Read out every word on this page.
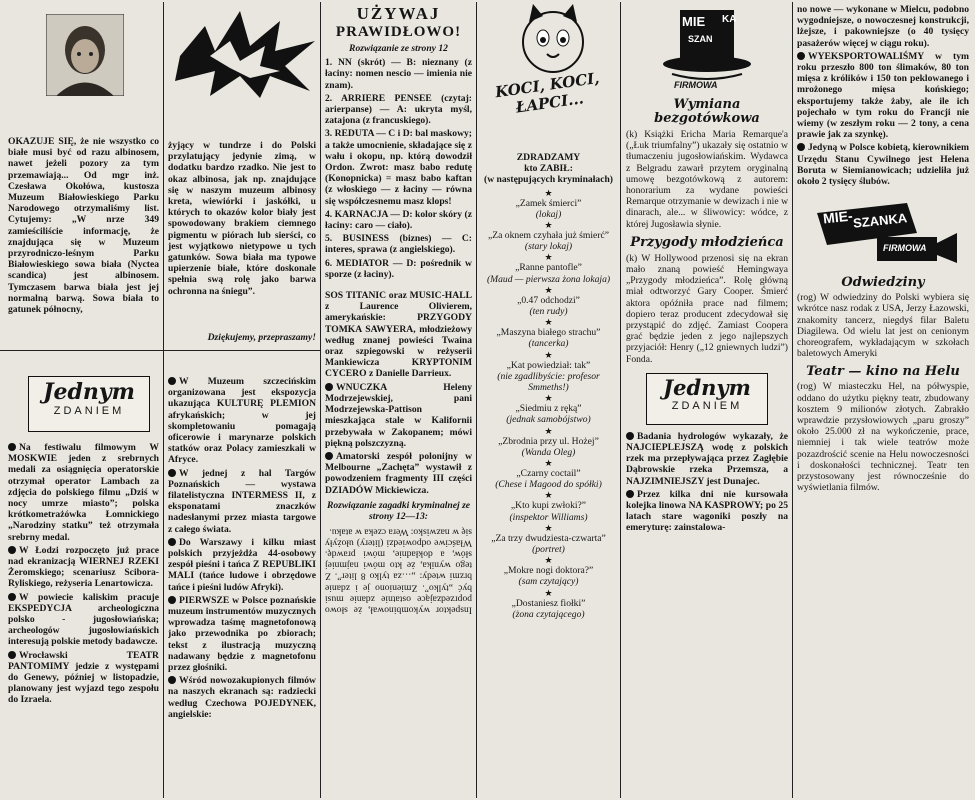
OKAZUJE SIĘ, że nie wszystko co białe musi być od razu albinosem, nawet jeżeli pozory za tym przemawiają... Od mgr inż. Czesława Okołówa, kustosza Muzeum Białowieskiego Parku Narodowego otrzymaliśmy list. Cytujemy: „W nrze 349 zamieściliście informację, że znajdująca się w Muzeum przyrodniczo-leśnym Parku Białowieskiego sowa biała (Nyctea scandica) jest albinosem. Tymczasem barwa biała jest jej normalną barwą. Sowa biała to gatunek północny,

Jednym
ZDANIEM

Na festiwalu filmowym W MOSKWIE jeden z srebrnych medali za osiągnięcia operatorskie otrzymał operator Lambach za zdjęcia do polskiego filmu „Dziś w nocy umrze miasto”; polska krótkometrażówka Łomnickiego „Narodziny statku” też otrzymała srebrny medal.

W Łodzi rozpoczęto już prace nad ekranizacją WIERNEJ RZEKI Żeromskiego; scenariusz Sciborа-Ryliskiego, reżyseria Lenartowicza.

W powiecie kaliskim pracuje EKSPEDYCJA archeologiczna polsko - jugosłowiańska; archeologów jugosłowiańskich interesują polskie metody badawcze.

Wrocławski TEATR PANTOMIMY jedzie z występami do Genewy, później w listopadzie, planowany jest wyjazd tego zespołu do Izraela.

żyjący w tundrze i do Polski przylatujący jedynie zimą, w dodatku bardzo rzadko. Nie jest to okaz albinosa, jak np. znajdujące się w naszym muzeum albinosy kreta, wiewiórki i jaskółki, u których to okazów kolor biały jest spowodowany brakiem ciemnego pigmentu w piórach lub sierści, co jest wyjątkowo nietypowe u tych gatunków. Sowa biała ma typowe upierzenie białe, które doskonale spełnia swą rolę jako barwa ochronna na śniegu”.

Dziękujemy, przepraszamy!

W Muzeum szczecińskim organizowana jest ekspozycja ukazująca KULTURĘ PLEMION afrykańskich; w jej skompletowaniu pomagają oficerowie i marynarze polskich statków oraz Polacy zamieszkali w Afryce.

W jednej z hal Targów Poznańskich — wystawa filatelistyczna INTERMESS II, z eksponatami znaczków nadesłanymi przez miasta targowe z całego świata.

Do Warszawy i kilku miast polskich przyjeżdża 44-osobowy zespół pieśni i tańca Z REPUBLIKI MALI (tańce ludowe i obrzędowe tańce i pieśni ludów Afryki).

PIERWSZE w Polsce poznańskie muzeum instrumentów muzycznych wprowadza taśmę magnetofonową jako przewodnika po zbiorach; tekst z ilustracją muzyczną nadawany będzie z magnetofonu przez głośniki.

Wśród nowozakupionych filmów na naszych ekranach są: radziecki według Czechowa POJEDYNEK, angielskie:

UŻYWAJ
PRAWIDŁOWO!
Rozwiązanie ze strony 12

1. NN (skrót) — B: nieznany (z łaciny: nomen nescio — imienia nie znam).

2. ARRIERE PENSEE (czytaj: arierpanse) — A: ukryta myśl, zatajona (z francuskiego).

3. REDUTA — C i D: bal maskowy; a także umocnienie, składające się z wału i okopu, np. którą dowodził Ordon. Zwrot: masz babo redutę (Konopnicka) = masz babo kaftan (z włoskiego — z łaciny — równa się współczesnemu masz klops!

4. KARNACJA — D: kolor skóry (z łaciny: caro — ciało).

5. BUSINESS (biznes) — C: interes, sprawa (z angielskiego).

6. MEDIATOR — D: pośrednik w sporze (z łaciny).

SOS TITANIC oraz MUSIC-HALL z Laurence Olivierem, amerykańskie: PRZYGODY TOMKA SAWYERA, młodzieżowy według znanej powieści Twaina oraz szpiegowski w reżyserii Mankiewicza KRYPTONIM CYCERO z Danielle Darrieux.

WNUCZKA Heleny Modrzejewskiej, pani Modrzejewska-Pattison mieszkająca stale w Kalifornii przebywała w Zakopanem; mówi piękną polszczyzną.

Amatorski zespół polonijny w Melbourne „Zachęta” wystawił z powodzeniem fragmenty III części DZIADÓW Mickiewicza.

Rozwiązanie zagadki kryminalnej ze strony 12—13:

Inspektor wykombinował, że słowo poprzedzające ostatnie zdanie musi być „tylko”. Zmieniono je i zdanie brzmi wtedy: „…za tylko 8 liter”. Z tego wynika, że kto mówi najmniej słów, a dokładnie, mówi prawdę. Właściwe odpowiedzi (litery) ułożyły się w nazwisko: Wera czeka w ataku.

KOCI, KOCI, ŁAPCI...
ZDRADZAMY
kto ZABIŁ:
(w następujących kryminałach)
★
„Zamek śmierci”
(lokaj)
★
„Za oknem czyhała już śmierć”
(stary lokaj)
★
„Ranne pantofle”
(Maud — pierwsza żona lokaja)
★
„0.47 odchodzi”
(ten rudy)
★
„Maszyna białego strachu”
(tancerka)
★
„Kat powiedział: tak”
(nie zgadlibyście: profesor Smmeths!)
★
„Siedmiu z ręką”
(jednak samobójstwo)
★
„Zbrodnia przy ul. Hożej”
(Wanda Oleg)
★
„Czarny coctail”
(Chese i Magood do spółki)
★
„Kto kupi zwłoki?”
(inspektor Williams)
★
„Za trzy dwudziesta-czwarta”
(portret)
★
„Mokre nogi doktora?”
(sam czytający)
★
„Dostaniesz fiołki”
(żona czytającego)
MIE
SZAN
KA
FIRMOWA
Wymiana bezgotówkowa

(k) Książki Ericha Maria Remarque'a („Łuk triumfalny”) ukazały się ostatnio w tłumaczeniu jugosłowiańskim. Wydawca z Belgradu zawarł przytem oryginalną umowę bezgotówkową z autorem: honorarium za wydane powieści Remarque otrzymanie w dewizach i nie w dinarach, ale... w śliwowicy: wódce, z której Jugosławia słynie.

Przygody młodzieńca

(k) W Hollywood przenosi się na ekran mało znaną powieść Hemingwaya „Przygody młodzieńca”. Rolę główną miał odtworzyć Gary Cooper. Śmierć aktora opóźniła prace nad filmem; dopiero teraz producent zdecydował się przystąpić do zdjęć. Zamiast Coopera grać będzie jeden z jego najlepszych przyjaciół: Henry („12 gniewnych ludzi”) Fonda.

Jednym
ZDANIEM

Badania hydrologów wykazały, że NAJCIEPLEJSZĄ wodę z polskich rzek ma przepływająca przez Zagłębie Dąbrowskie rzeka Przemsza, a NAJZIMNIEJSZY jest Dunajec.

Przez kilka dni nie kursowała kolejka linowa NA KASPROWY; po 25 latach stare wagoniki poszły na emeryturę: zainstalowa-

no nowe — wykonane w Mielcu, podobno wygodniejsze, o nowoczesnej konstrukcji, lżejsze, i pakowniejsze (o 40 tysięcy pasażerów więcej w ciągu roku).

WYEKSPORTOWALIŚMY w tym roku przeszło 800 ton ślimaków, 80 ton mięsa z królików i 150 ton peklowanego i mrożonego mięsa końskiego; eksportujemy także żaby, ale ile ich pojechało w tym roku do Francji nie wiemy (w zeszłym roku — 2 tony, a cena prawie jak za szynkę).

Jedyną w Polsce kobietą, kierownikiem Urzędu Stanu Cywilnego jest Helena Boruta w Siemianowicach; udzieliła już około 2 tysięcy ślubów.

MIE- SZANKA
FIRMOWA
Odwiedziny

(rog) W odwiedziny do Polski wybiera się wkrótce nasz rodak z USA, Jerzy Łazowski, znakomity tancerz, niegdyś filar Baletu Diagilewa. Od wielu lat jest on cenionym choreografem, wykładającym w szkołach baletowych Ameryki

Teatr — kino na Helu

(rog) W miasteczku Hel, na półwyspie, oddano do użytku piękny teatr, zbudowany kosztem 9 milionów złotych. Zabrakło wprawdzie przysłowiowych „paru groszy” około 25.000 zł na wykończenie, prace, niemniej i tak wiele teatrów może pozazdrościć scenie na Helu nowoczesności i doskonałości technicznej. Teatr ten przystosowany jest równocześnie do wyświetlania filmów.
